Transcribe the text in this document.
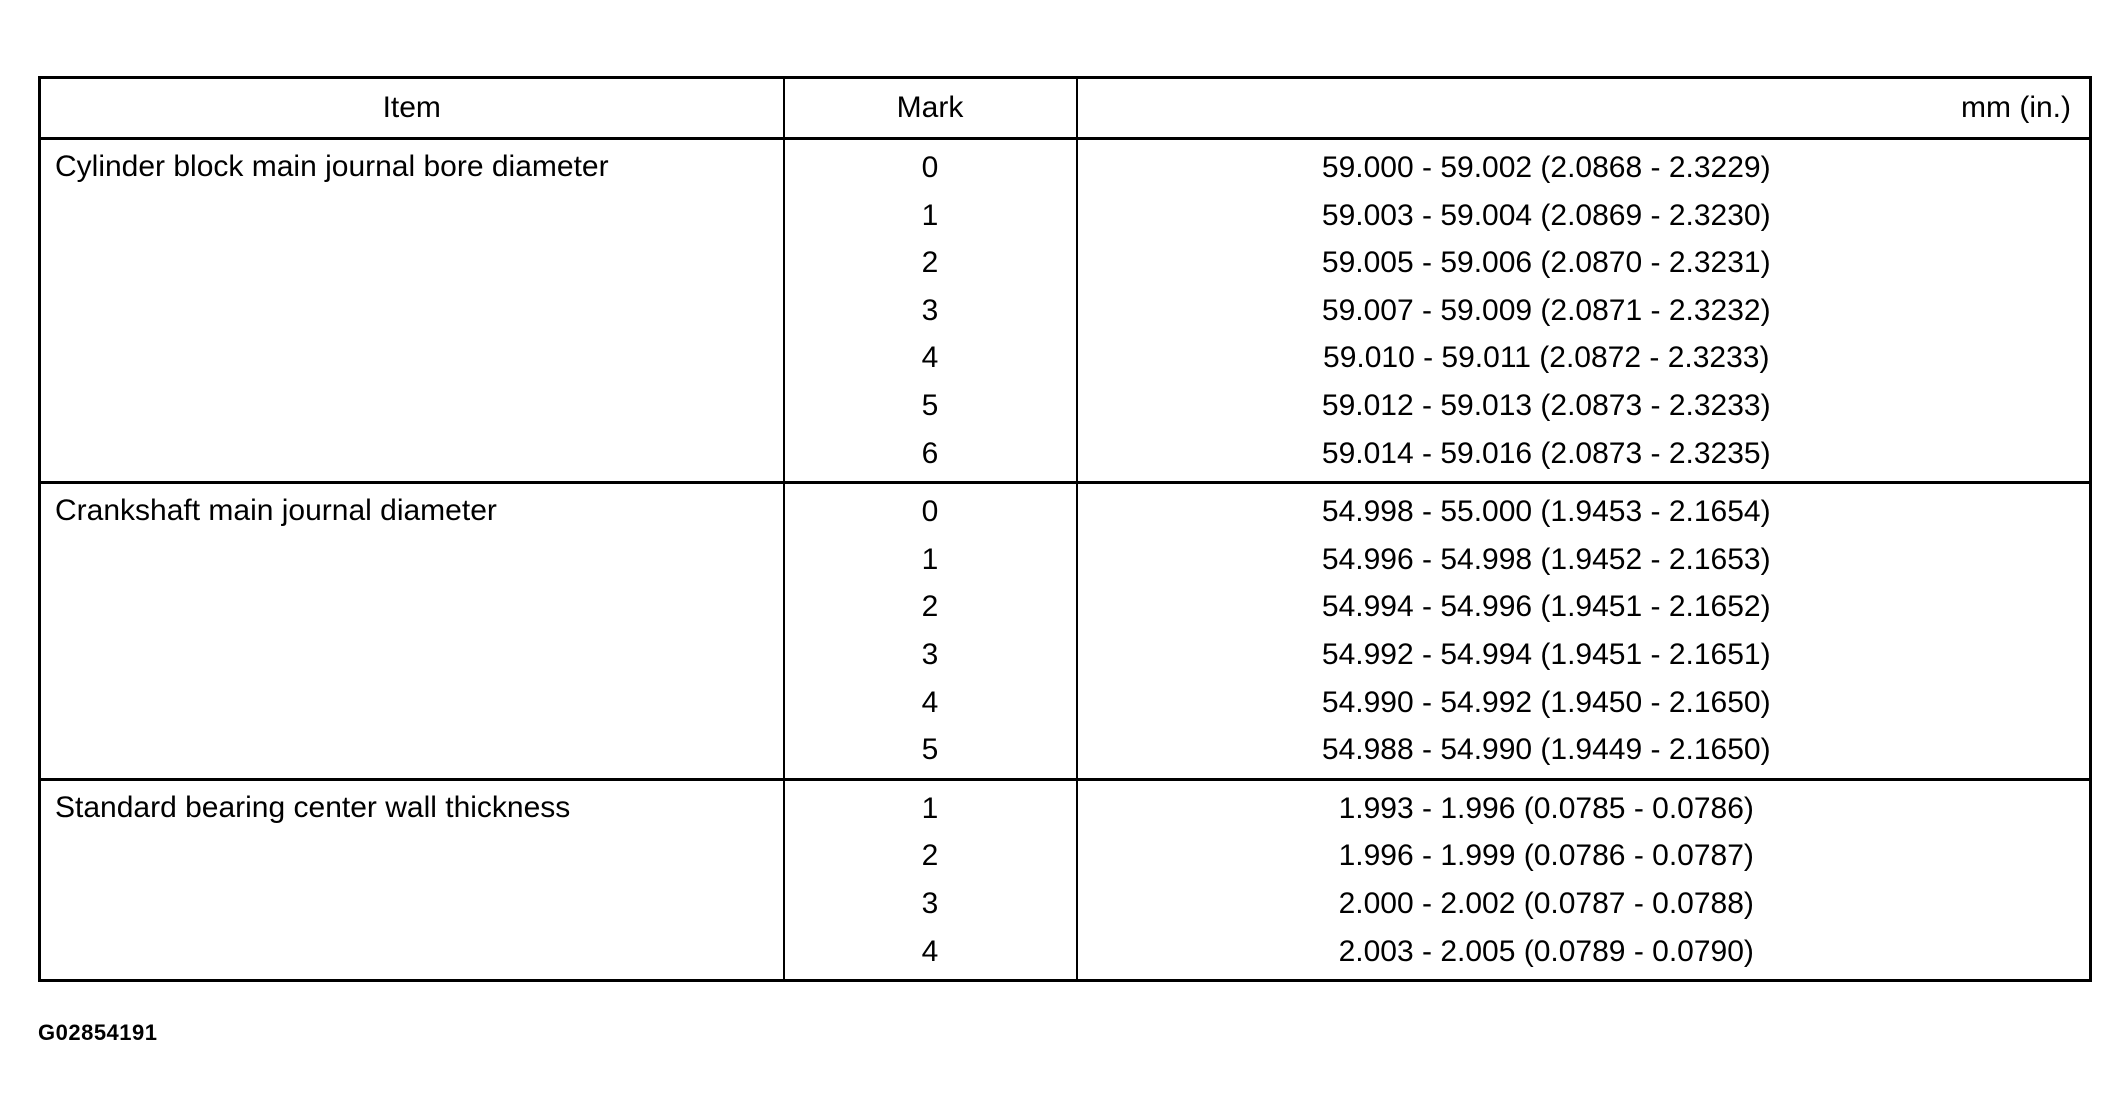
Item	Mark	mm (in.)
Cylinder block main journal bore diameter	0	59.000 - 59.002 (2.0868 - 2.3229)
	1	59.003 - 59.004 (2.0869 - 2.3230)
	2	59.005 - 59.006 (2.0870 - 2.3231)
	3	59.007 - 59.009 (2.0871 - 2.3232)
	4	59.010 - 59.011 (2.0872 - 2.3233)
	5	59.012 - 59.013 (2.0873 - 2.3233)
	6	59.014 - 59.016 (2.0873 - 2.3235)
Crankshaft main journal diameter	0	54.998 - 55.000 (1.9453 - 2.1654)
	1	54.996 - 54.998 (1.9452 - 2.1653)
	2	54.994 - 54.996 (1.9451 - 2.1652)
	3	54.992 - 54.994 (1.9451 - 2.1651)
	4	54.990 - 54.992 (1.9450 - 2.1650)
	5	54.988 - 54.990 (1.9449 - 2.1650)
Standard bearing center wall thickness	1	1.993 - 1.996 (0.0785 - 0.0786)
	2	1.996 - 1.999 (0.0786 - 0.0787)
	3	2.000 - 2.002 (0.0787 - 0.0788)
	4	2.003 - 2.005 (0.0789 - 0.0790)
G02854191
